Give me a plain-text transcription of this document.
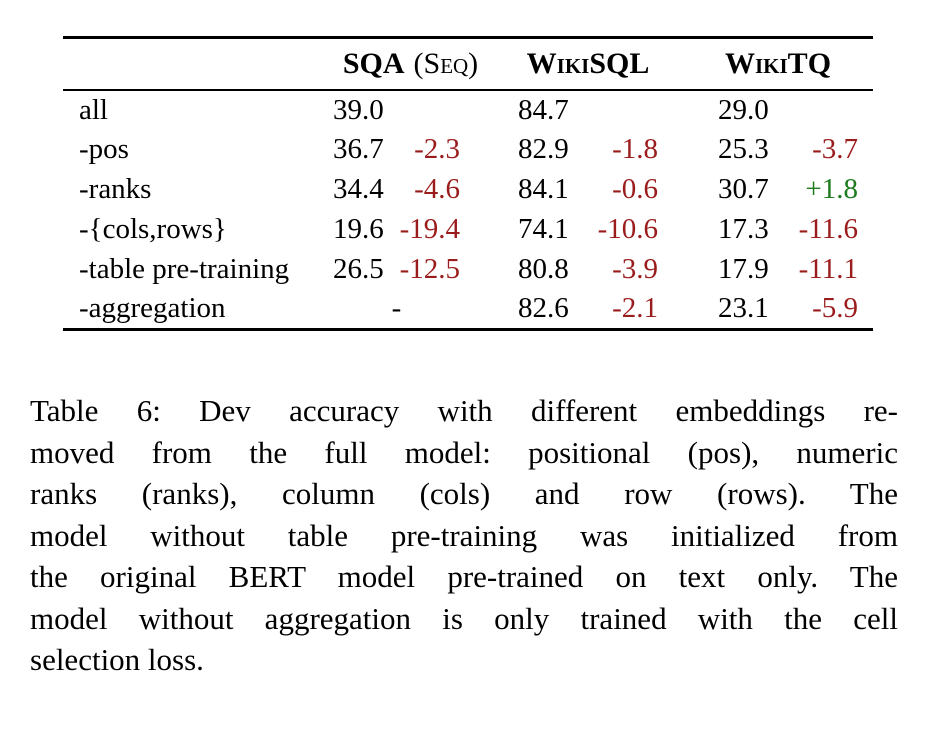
	SQA (Seq)		WikiSQL		WikiTQ	
all	39.0		84.7		29.0	
-pos	36.7	-2.3	82.9	-1.8	25.3	-3.7
-ranks	34.4	-4.6	84.1	-0.6	30.7	+1.8
-{cols,rows}	19.6	-19.4	74.1	-10.6	17.3	-11.6
-table pre-training	26.5	-12.5	80.8	-3.9	17.9	-11.1
-aggregation	-		82.6	-2.1	23.1	-5.9
Table 6: Dev accuracy with different embeddings re-
moved from the full model: positional (pos), numeric
ranks (ranks), column (cols) and row (rows). The
model without table pre-training was initialized from
the original BERT model pre-trained on text only. The
model without aggregation is only trained with the cell
selection loss.
